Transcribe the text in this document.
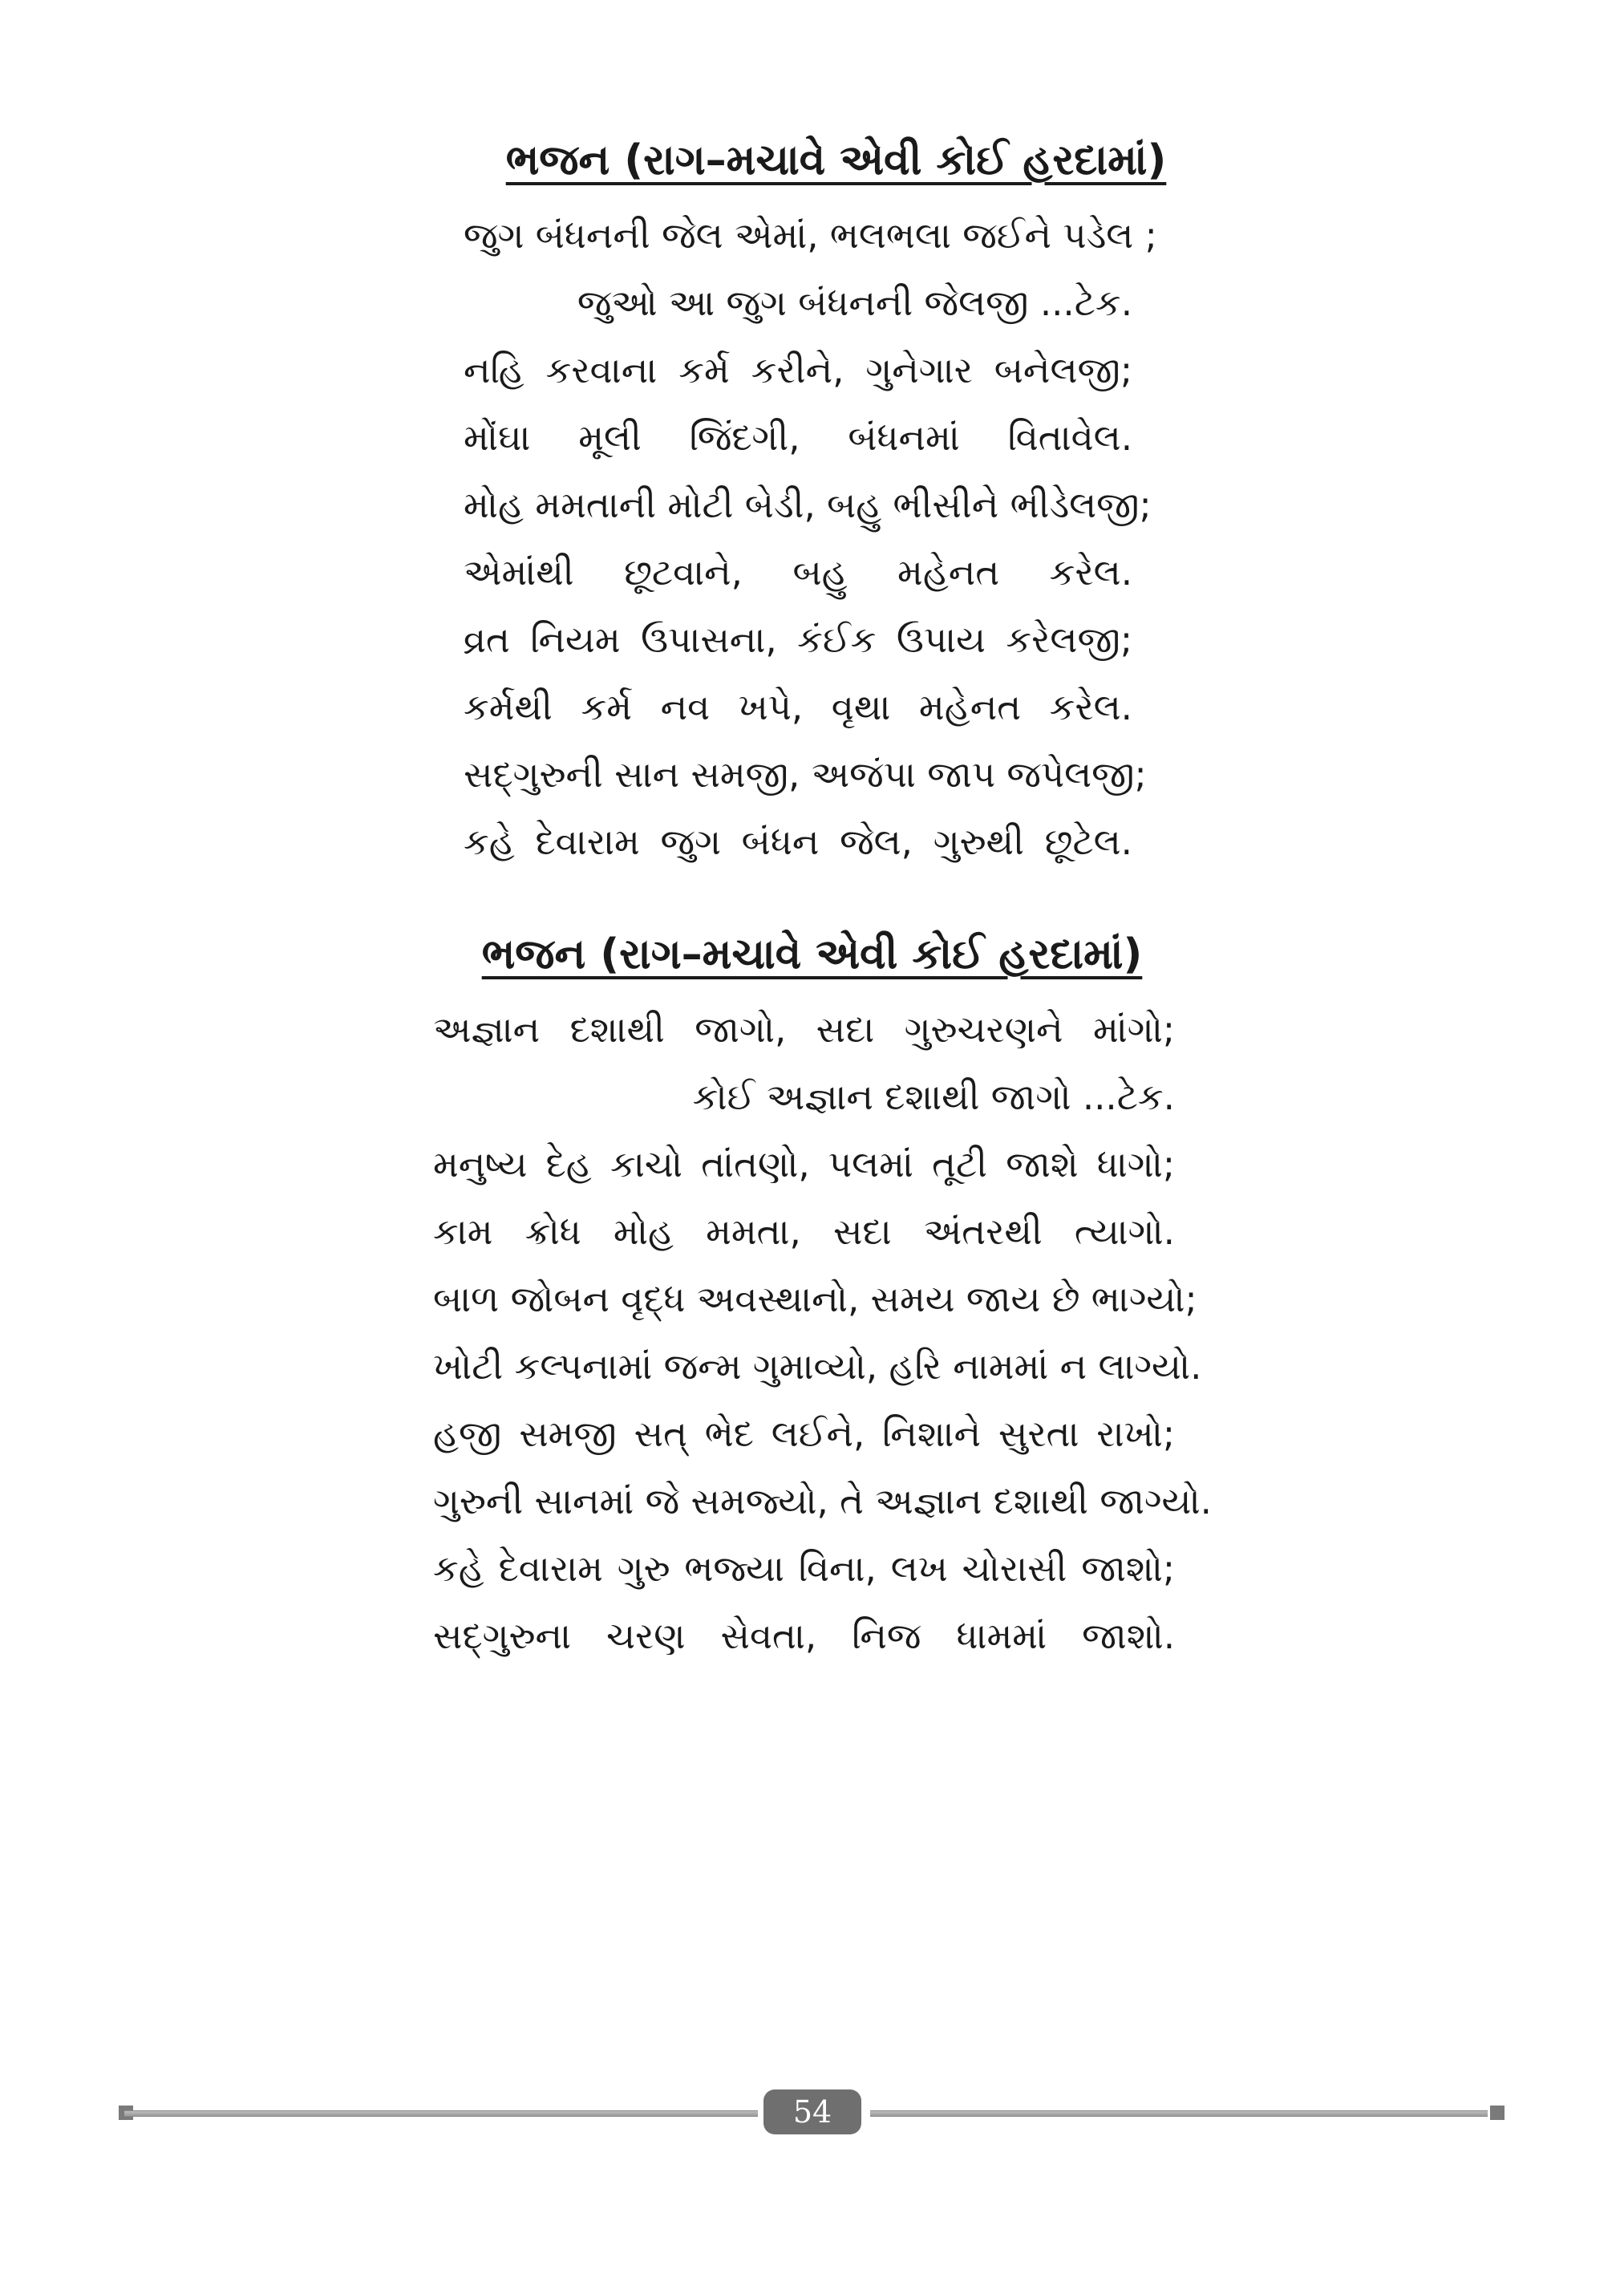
ભજન (રાગ–મચાવે એવી કોઈ હરદામાં)
જુગ બંધનની જેલ એમાં, ભલભલા જઈને પડેલ ;
જુઓ આ જુગ બંધનની જેલજી ...ટેક.
નહિ કરવાના કર્મ કરીને, ગુનેગાર બનેલજી;
મોંઘા મૂલી જિંદગી, બંધનમાં વિતાવેલ.
મોહ મમતાની મોટી બેડી, બહુ ભીસીને ભીડેલજી;
એમાંથી છૂટવાને, બહુ મહેનત કરેલ.
વ્રત નિયમ ઉપાસના, કંઈક ઉપાય કરેલજી;
કર્મથી કર્મ નવ ખપે, વૃથા મહેનત કરેલ.
સદ્‌ગુરુની સાન સમજી, અજંપા જાપ જપેલજી;
કહે દેવારામ જુગ બંધન જેલ, ગુરુથી છૂટેલ.
ભજન (રાગ–મચાવે એવી કોઈ હરદામાં)
અજ્ઞાન દશાથી જાગો, સદા ગુરુચરણને માંગો;
કોઈ અજ્ઞાન દશાથી જાગો ...ટેક.
મનુષ્ય દેહ કાચો તાંતણો, પલમાં તૂટી જાશે ધાગો;
કામ ક્રોધ મોહ મમતા, સદા અંતરથી ત્યાગો.
બાળ જોબન વૃદ્ધ અવસ્થાનો, સમય જાય છે ભાગ્યો;
ખોટી કલ્પનામાં જન્મ ગુમાવ્યો, હરિ નામમાં ન લાગ્યો.
હજી સમજી સત્‌ ભેદ લઈને, નિશાને સુરતા રાખો;
ગુરુની સાનમાં જે સમજ્યો, તે અજ્ઞાન દશાથી જાગ્યો.
કહે દેવારામ ગુરુ ભજ્યા વિના, લખ ચોરાસી જાશો;
સદ્‌ગુરુના ચરણ સેવતા, નિજ ધામમાં જાશો.
54
